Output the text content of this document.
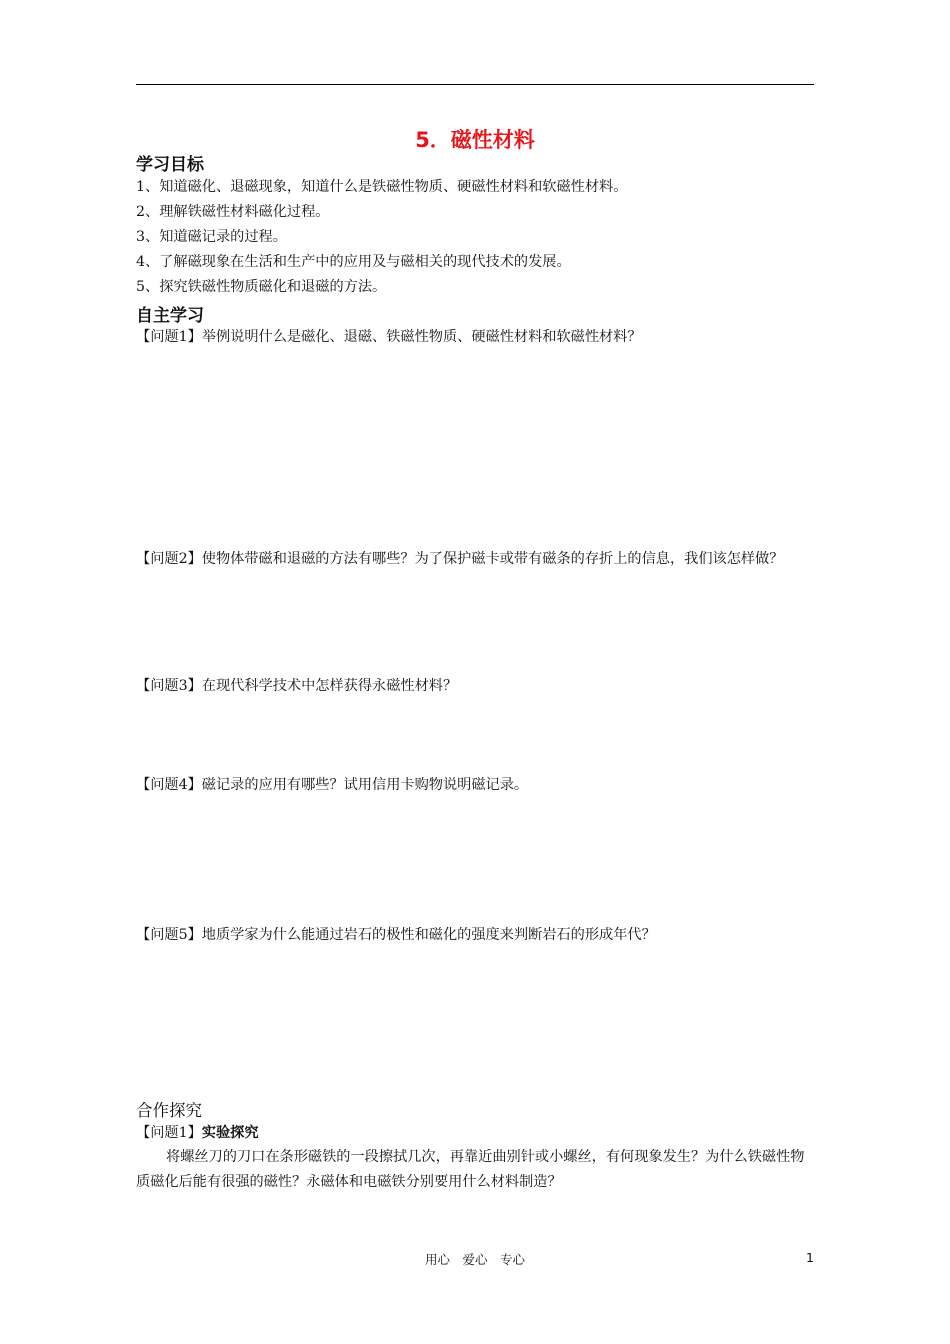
5．磁性材料
学习目标
1、知道磁化、退磁现象，知道什么是铁磁性物质、硬磁性材料和软磁性材料。
2、理解铁磁性材料磁化过程。
3、知道磁记录的过程。
4、了解磁现象在生活和生产中的应用及与磁相关的现代技术的发展。
5、探究铁磁性物质磁化和退磁的方法。
自主学习
【问题1】举例说明什么是磁化、退磁、铁磁性物质、硬磁性材料和软磁性材料？
【问题2】使物体带磁和退磁的方法有哪些？为了保护磁卡或带有磁条的存折上的信息，我们该怎样做？
【问题3】在现代科学技术中怎样获得永磁性材料？
【问题4】磁记录的应用有哪些？试用信用卡购物说明磁记录。
【问题5】地质学家为什么能通过岩石的极性和磁化的强度来判断岩石的形成年代？
合作探究
【问题1】实验探究
将螺丝刀的刀口在条形磁铁的一段擦拭几次，再靠近曲别针或小螺丝，有何现象发生？为什么铁磁性物质磁化后能有很强的磁性？永磁体和电磁铁分别要用什么材料制造？
用心　爱心　专心	1
